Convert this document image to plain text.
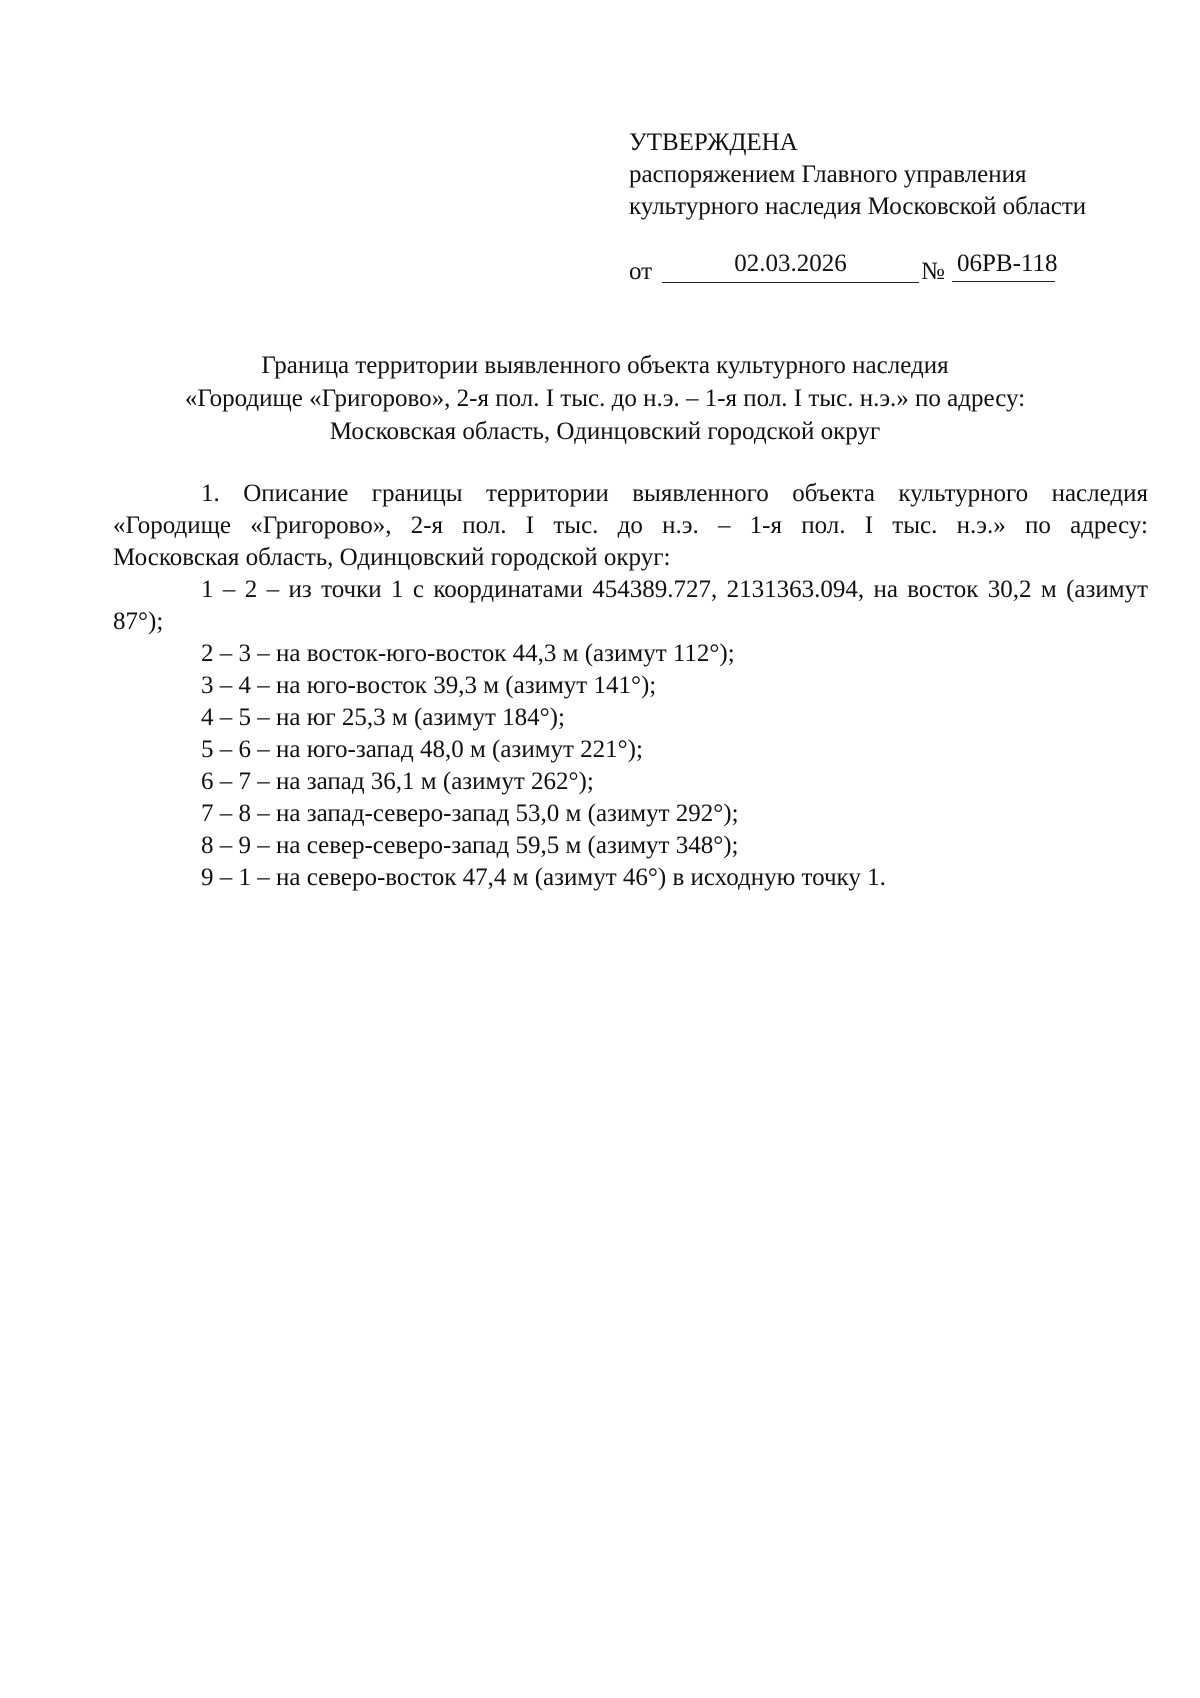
УТВЕРЖДЕНА
распоряжением Главного управления
культурного наследия Московской области
от	02.03.2026	№ 06РВ-118
Граница территории выявленного объекта культурного наследия
«Городище «Григорово», 2-я пол. I тыс. до н.э. – 1-я пол. I тыс. н.э.» по адресу:
Московская область, Одинцовский городской округ

1. Описание границы территории выявленного объекта культурного наследия
«Городище «Григорово», 2-я пол. I тыс. до н.э. – 1-я пол. I тыс. н.э.» по адресу:
Московская область, Одинцовский городской округ:

1 – 2 – из точки 1 с координатами 454389.727, 2131363.094, на восток 30,2 м (азимут 87°);
2 – 3 – на восток-юго-восток 44,3 м (азимут 112°);
3 – 4 – на юго-восток 39,3 м (азимут 141°);
4 – 5 – на юг 25,3 м (азимут 184°);
5 – 6 – на юго-запад 48,0 м (азимут 221°);
6 – 7 – на запад 36,1 м (азимут 262°);
7 – 8 – на запад-северо-запад 53,0 м (азимут 292°);
8 – 9 – на север-северо-запад 59,5 м (азимут 348°);
9 – 1 – на северо-восток 47,4 м (азимут 46°) в исходную точку 1.
